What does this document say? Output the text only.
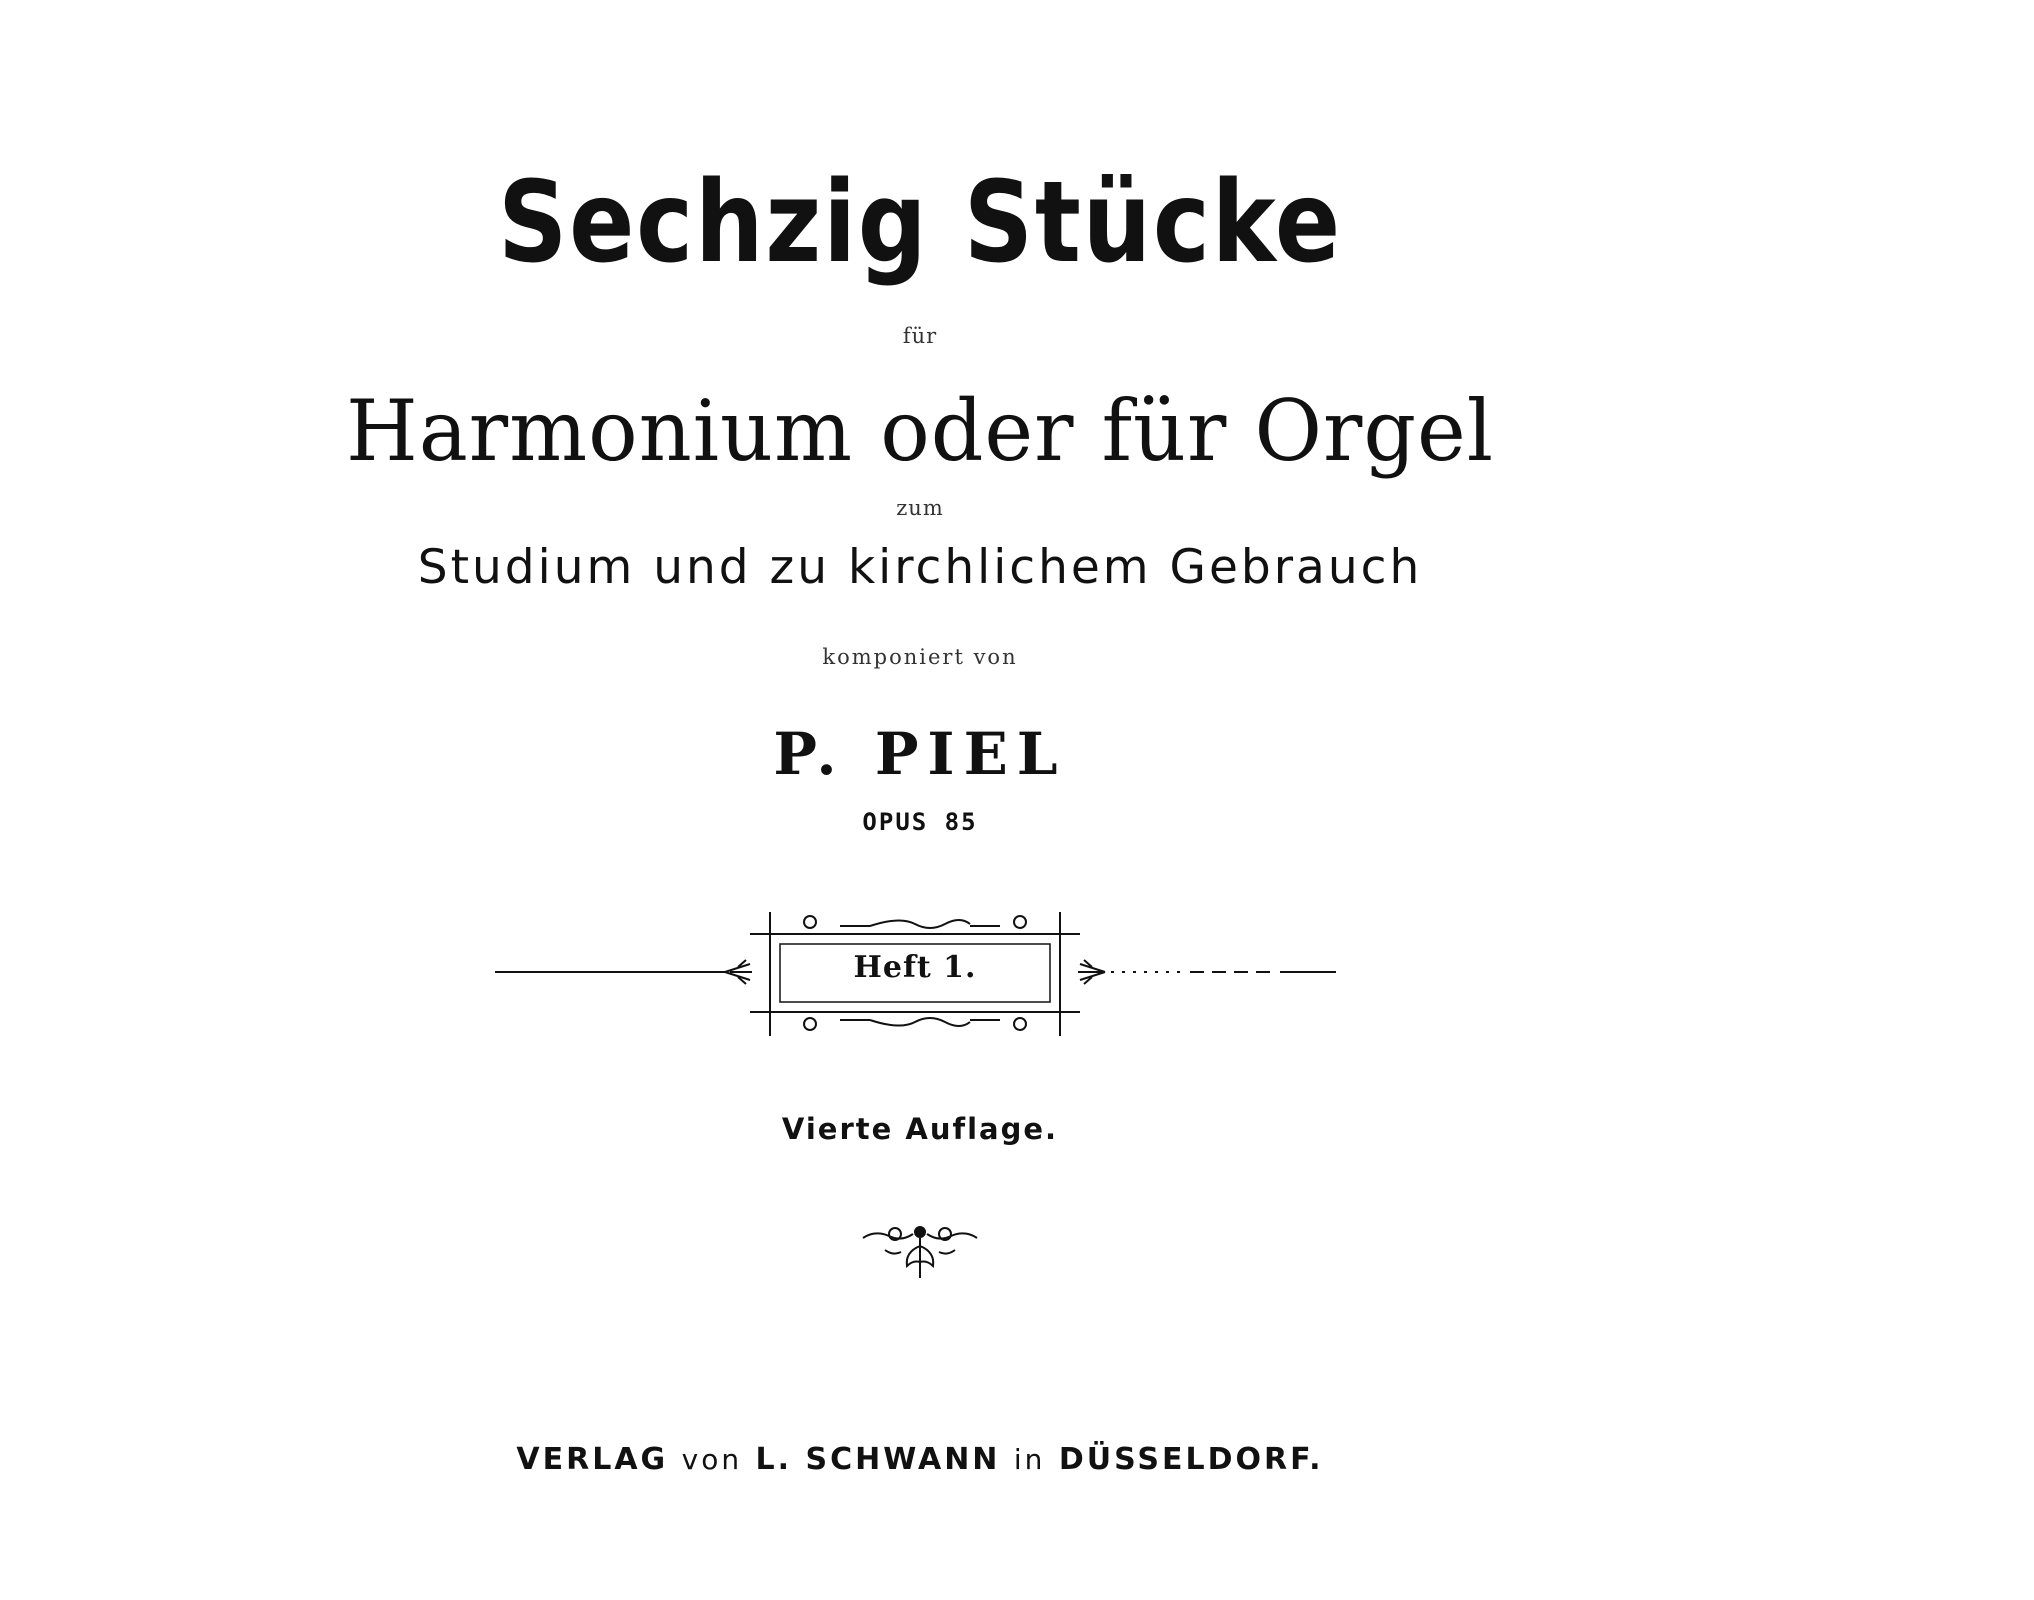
Sechzig Stücke
für
Harmonium oder für Orgel
zum
Studium und zu kirchlichem Gebrauch
komponiert von
P. PIEL
OPUS 85
Heft 1.
Vierte Auflage.
VERLAG von L. SCHWANN in DÜSSELDORF.
